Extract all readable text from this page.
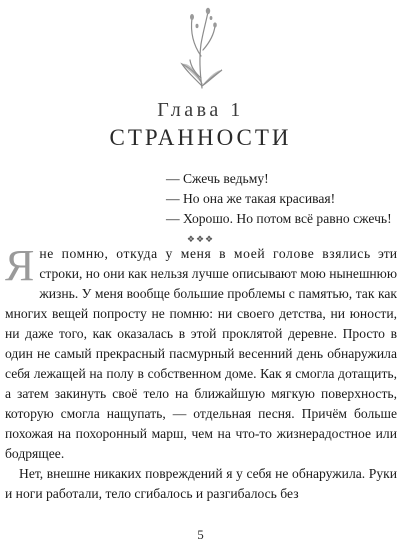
Глава 1
СТРАННОСТИ
— Сжечь ведьму!
— Но она же такая красивая!
— Хорошо. Но потом всё равно сжечь!
❖❖❖

Яне помню, откуда у меня в моей голове взялись эти строки, но они как нельзя лучше описывают мою нынешнюю жизнь. У меня вообще большие проблемы с памятью, так как многих вещей попросту не помню: ни своего детства, ни юности, ни даже того, как оказалась в этой проклятой деревне. Просто в один не самый прекрасный пасмурный весенний день обнаружила себя лежащей на полу в собственном доме. Как я смогла дотащить, а затем закинуть своё тело на ближайшую мягкую поверхность, которую смогла нащупать, — отдельная песня. Причём больше похожая на похоронный марш, чем на что-то жизнерадостное или бодрящее.

Нет, внешне никаких повреждений я у себя не обнаружила. Руки и ноги работали, тело сгибалось и разгибалось без

5
